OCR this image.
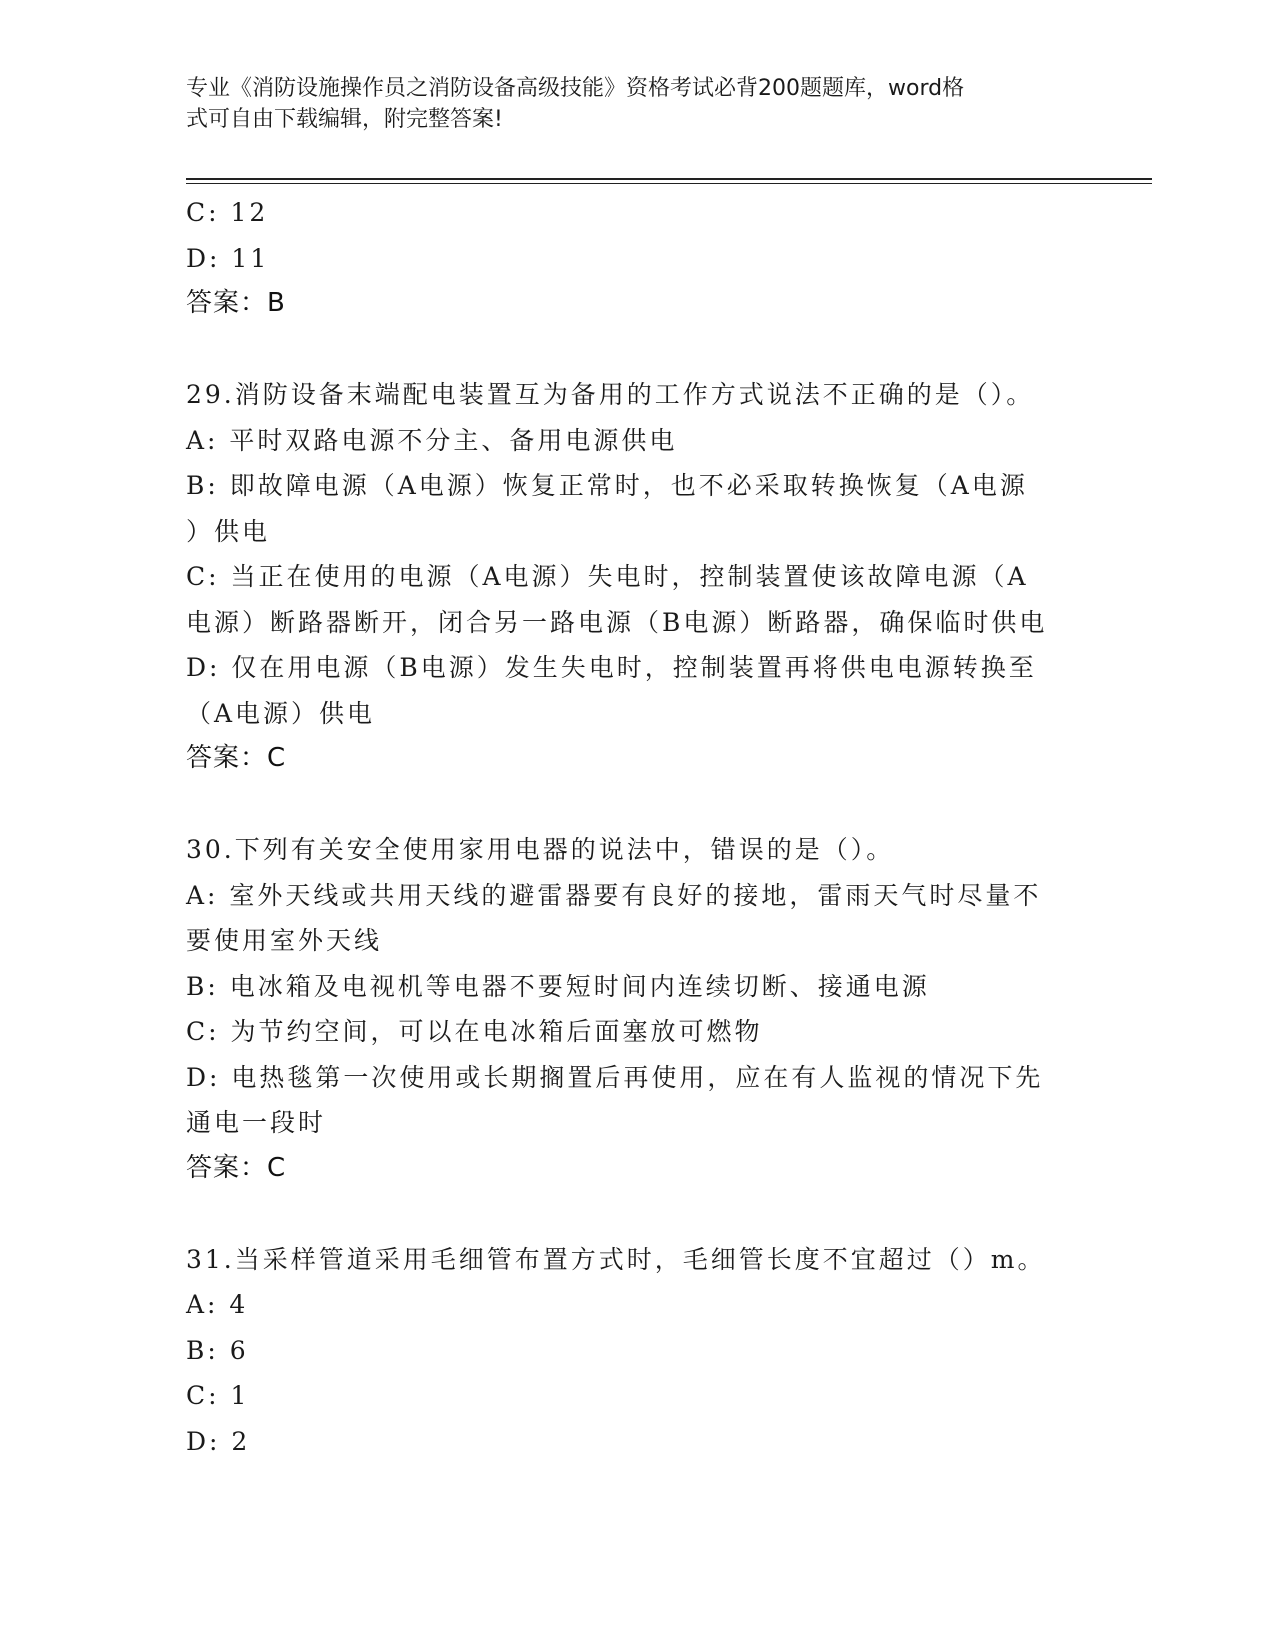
专业《消防设施操作员之消防设备高级技能》资格考试必背200题题库，word格
式可自由下载编辑，附完整答案!
C: 12
D: 11
答案：B
29.消防设备末端配电装置互为备用的工作方式说法不正确的是（）。
A: 平时双路电源不分主、备用电源供电
B: 即故障电源（A电源）恢复正常时，也不必采取转换恢复（A电源
）供电
C: 当正在使用的电源（A电源）失电时，控制装置使该故障电源（A
电源）断路器断开，闭合另一路电源（B电源）断路器，确保临时供电
D: 仅在用电源（B电源）发生失电时，控制装置再将供电电源转换至
（A电源）供电
答案：C
30.下列有关安全使用家用电器的说法中，错误的是（）。
A: 室外天线或共用天线的避雷器要有良好的接地，雷雨天气时尽量不
要使用室外天线
B: 电冰箱及电视机等电器不要短时间内连续切断、接通电源
C: 为节约空间，可以在电冰箱后面塞放可燃物
D: 电热毯第一次使用或长期搁置后再使用，应在有人监视的情况下先
通电一段时
答案：C
31.当采样管道采用毛细管布置方式时，毛细管长度不宜超过（）m。
A: 4
B: 6
C: 1
D: 2
